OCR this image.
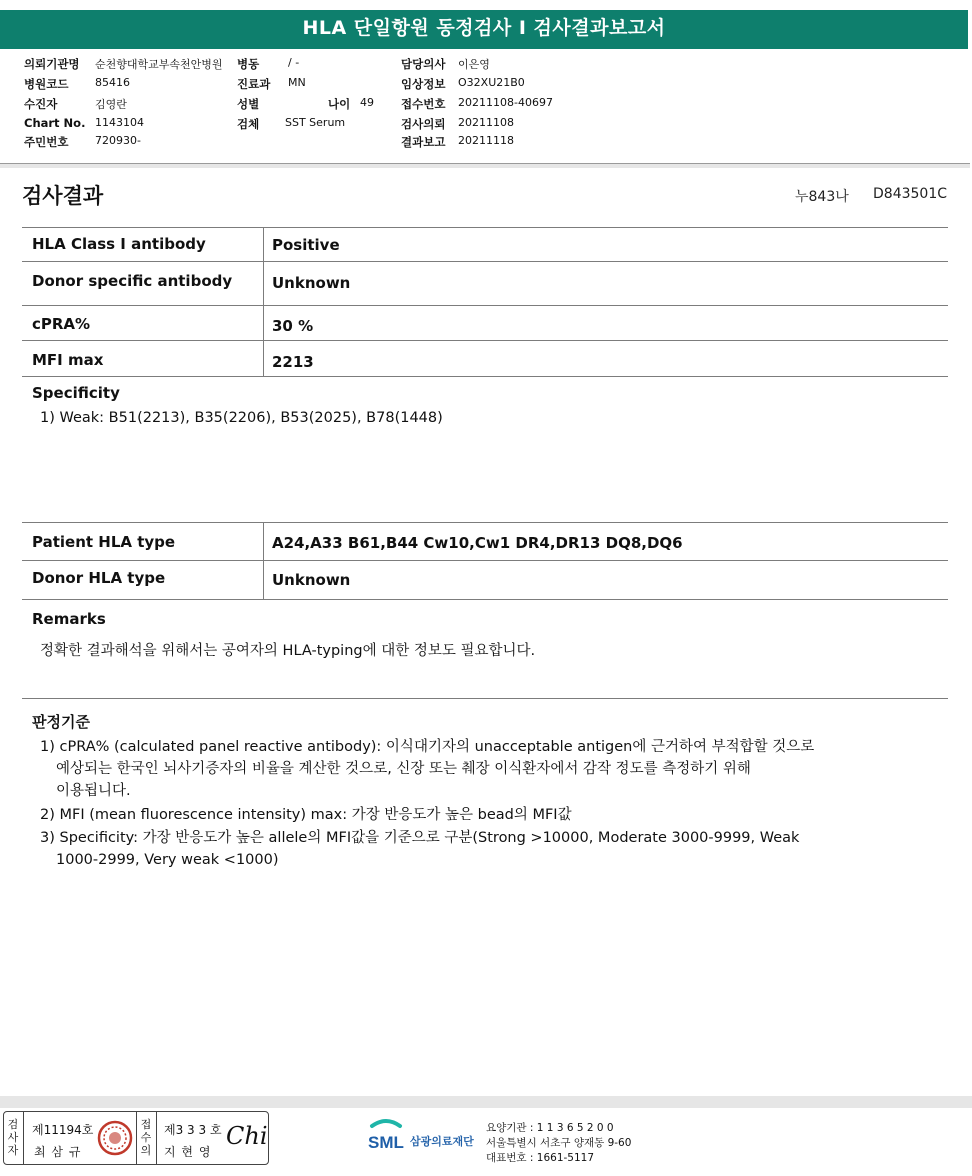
HLA 단일항원 동정검사 I 검사결과보고서
의뢰기관명 순천향대학교부속천안병원
병원코드 85416
수진자	김영란
Chart No. 1143104
주민번호 720930-
병동	/ -
진료과 MN
성별	나이 49
검체 SST Serum
담당의사 이은영
임상정보 O32XU21B0
접수번호 20211108-40697
검사의뢰 20211108
결과보고 20211118
검사결과	누843나 D843501C
HLA Class I antibody	Positive
Donor specific antibody	Unknown
cPRA%	30 %
MFI max	2213
Specificity
1) Weak: B51(2213), B35(2206), B53(2025), B78(1448)
Patient HLA type	A24,A33 B61,B44 Cw10,Cw1 DR4,DR13 DQ8,DQ6
Donor HLA type	Unknown
Remarks
정확한 결과해석을 위해서는 공여자의 HLA-typing에 대한 정보도 필요합니다.
판정기준
1) cPRA% (calculated panel reactive antibody): 이식대기자의 unacceptable antigen에 근거하여 부적합할 것으로
예상되는 한국인 뇌사기증자의 비율을 계산한 것으로, 신장 또는 췌장 이식환자에서 감작 정도를 측정하기 위해
이용됩니다.
2) MFI (mean fluorescence intensity) max: 가장 반응도가 높은 bead의 MFI값
3) Specificity: 가장 반응도가 높은 allele의 MFI값을 기준으로 구분(Strong >10000, Moderate 3000-9999, Weak
1000-2999, Very weak <1000)
검사자
제11194호
최 삼 규
접수의
제3 3 3 호
지 현 영
Chi	SML 삼광의료재단
요양기관 : 1 1 3 6 5 2 0 0
서울특별시 서초구 양재동 9-60
대표번호 : 1661-5117
